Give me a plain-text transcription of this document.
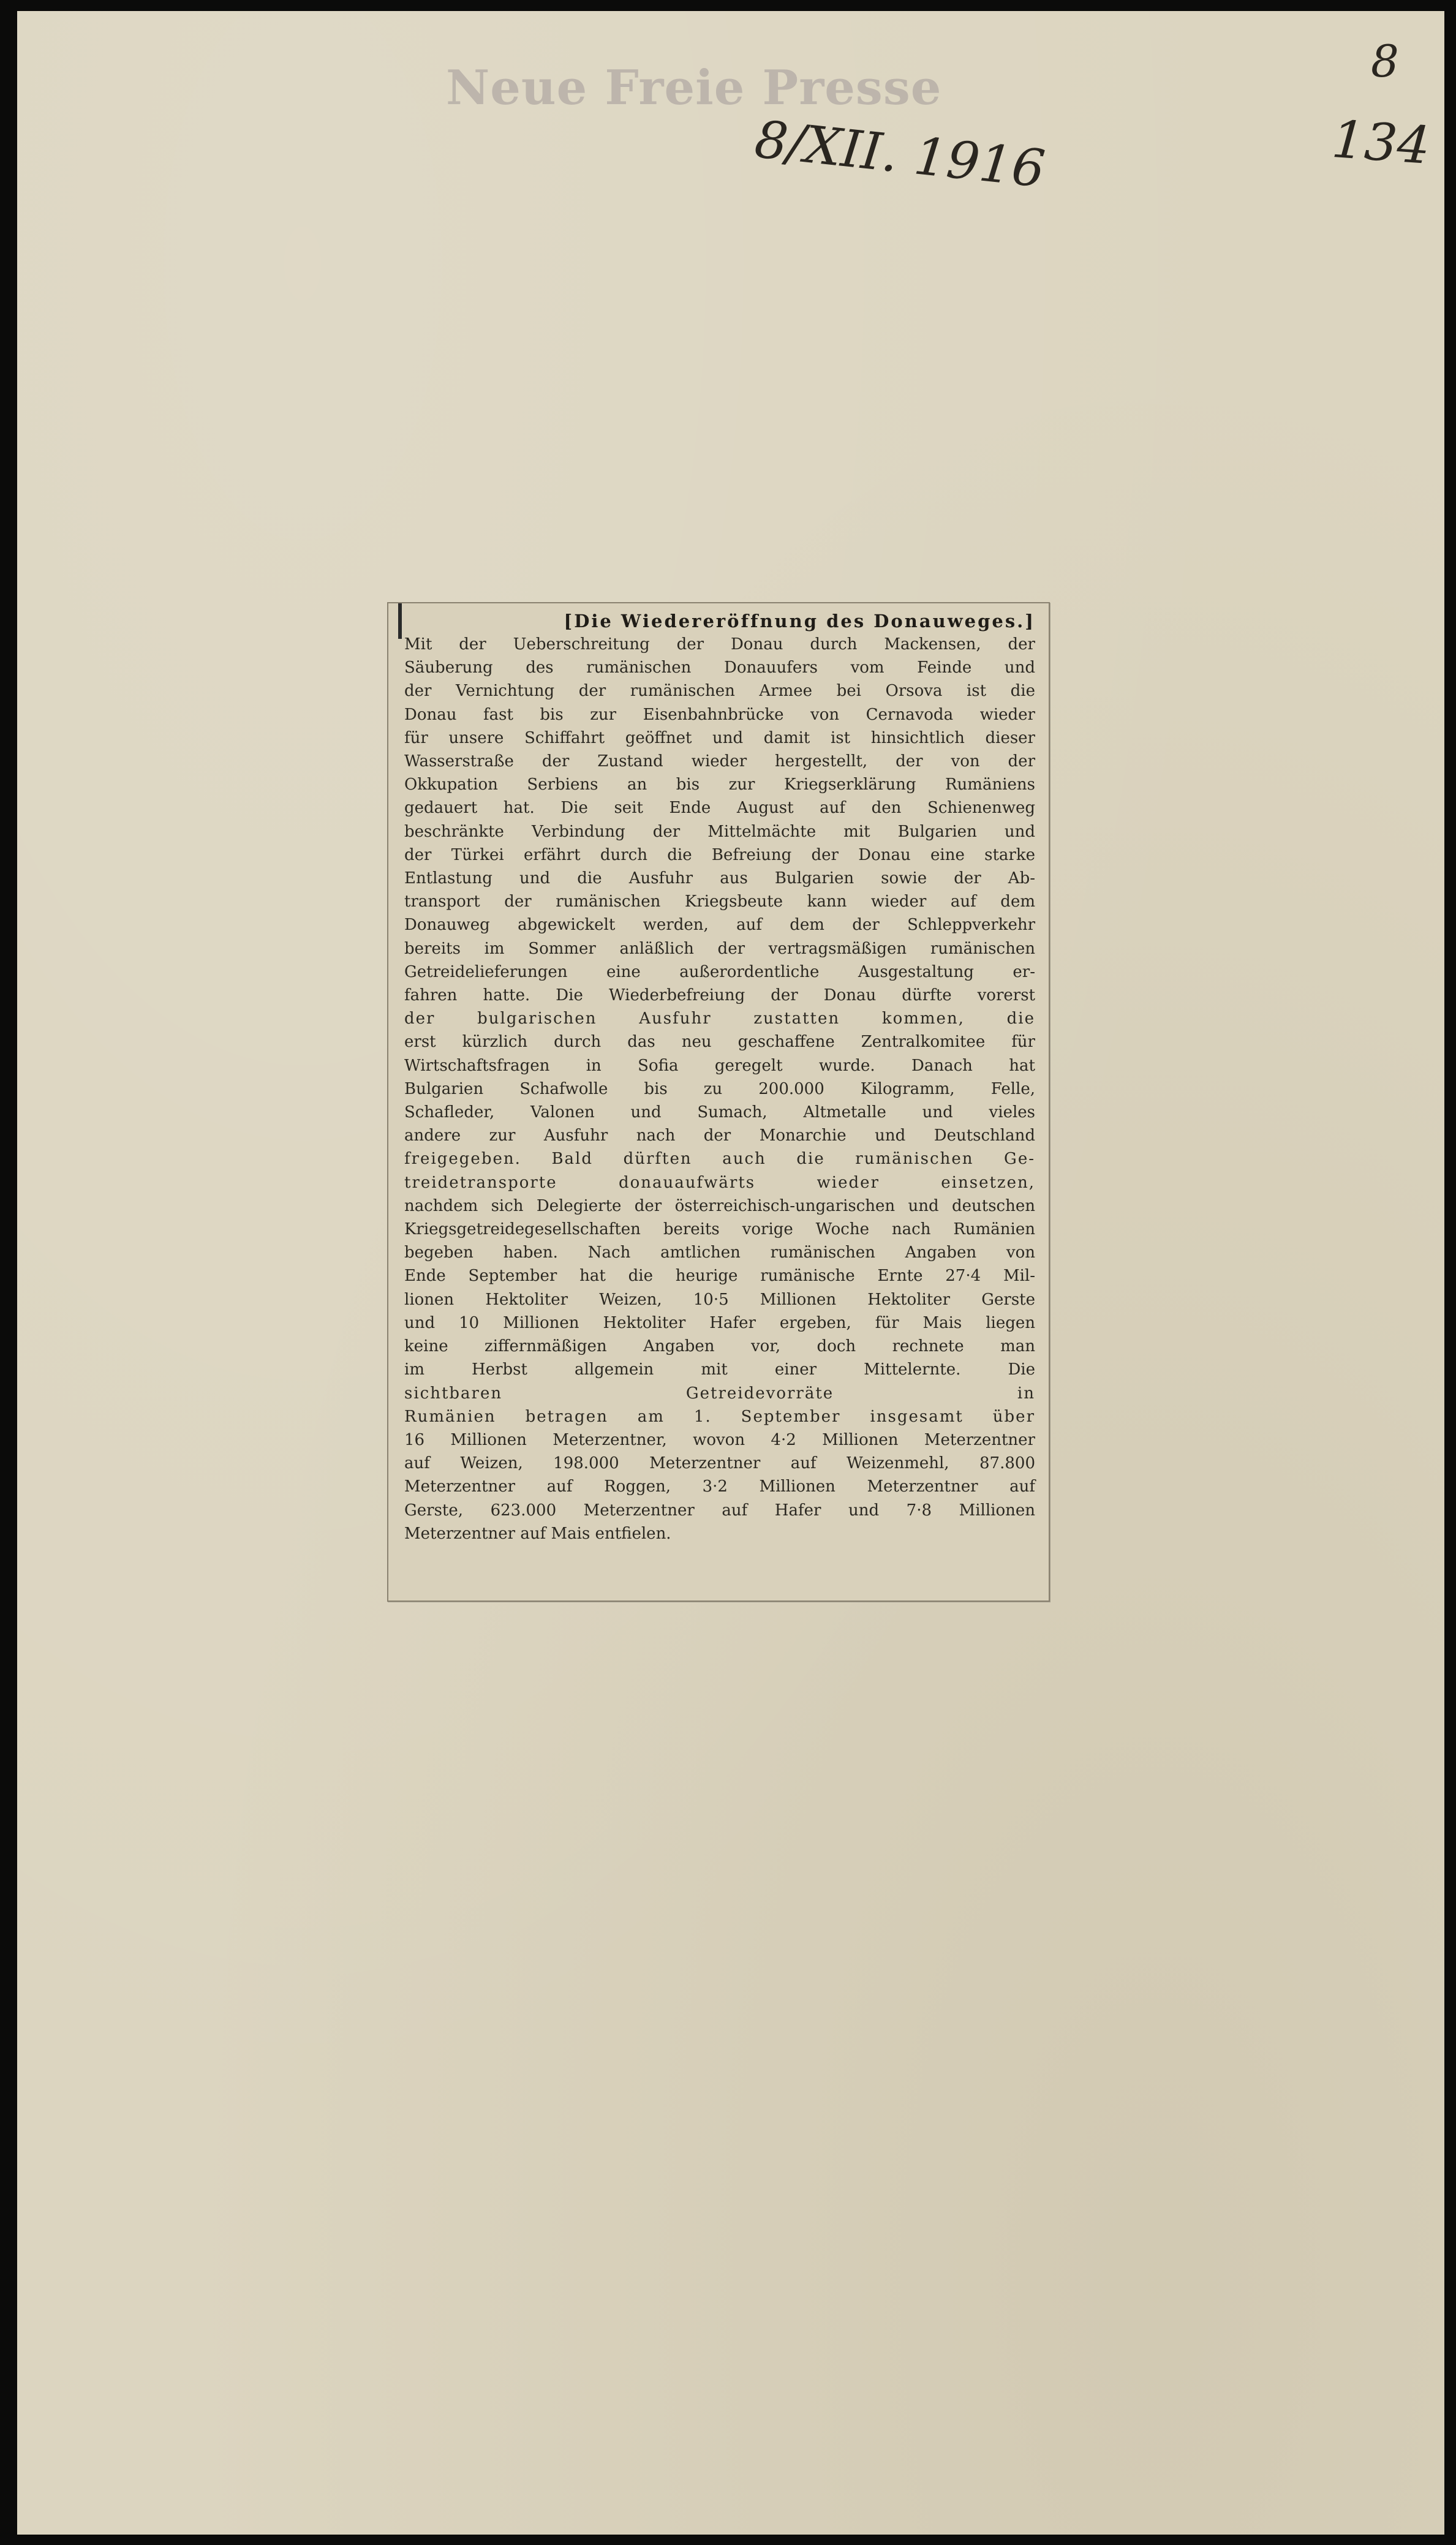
Neue Freie Presse
8/XII. 1916
8
134

[Die Wiedereröffnung des Donauweges.]

Mit der Ueberschreitung der Donau durch Mackensen, der

Säuberung des rumänischen Donauufers vom Feinde und

der Vernichtung der rumänischen Armee bei Orsova ist die

Donau fast bis zur Eisenbahnbrücke von Cernavoda wieder

für unsere Schiffahrt geöffnet und damit ist hinsichtlich dieser

Wasserstraße der Zustand wieder hergestellt, der von der

Okkupation Serbiens an bis zur Kriegserklärung Rumäniens

gedauert hat. Die seit Ende August auf den Schienenweg

beschränkte Verbindung der Mittelmächte mit Bulgarien und

der Türkei erfährt durch die Befreiung der Donau eine starke

Entlastung und die Ausfuhr aus Bulgarien sowie der Ab-

transport der rumänischen Kriegsbeute kann wieder auf dem

Donauweg abgewickelt werden, auf dem der Schleppverkehr

bereits im Sommer anläßlich der vertragsmäßigen rumänischen

Getreidelieferungen eine außerordentliche Ausgestaltung er-

fahren hatte. Die Wiederbefreiung der Donau dürfte vorerst

der bulgarischen Ausfuhr zustatten kommen, die

erst kürzlich durch das neu geschaffene Zentralkomitee für

Wirtschaftsfragen in Sofia geregelt wurde. Danach hat

Bulgarien Schafwolle bis zu 200.000 Kilogramm, Felle,

Schafleder, Valonen und Sumach, Altmetalle und vieles

andere zur Ausfuhr nach der Monarchie und Deutschland

freigegeben. Bald dürften auch die rumänischen Ge-

treidetransporte donauaufwärts wieder einsetzen,

nachdem sich Delegierte der österreichisch-ungarischen und deutschen

Kriegsgetreidegesellschaften bereits vorige Woche nach Rumänien

begeben haben. Nach amtlichen rumänischen Angaben von

Ende September hat die heurige rumänische Ernte 27·4 Mil-

lionen Hektoliter Weizen, 10·5 Millionen Hektoliter Gerste

und 10 Millionen Hektoliter Hafer ergeben, für Mais liegen

keine ziffernmäßigen Angaben vor, doch rechnete man

im Herbst allgemein mit einer Mittelernte. Die

sichtbaren Getreidevorräte in

Rumänien betragen am 1. September insgesamt über

16 Millionen Meterzentner, wovon 4·2 Millionen Meterzentner

auf Weizen, 198.000 Meterzentner auf Weizenmehl, 87.800

Meterzentner auf Roggen, 3·2 Millionen Meterzentner auf

Gerste, 623.000 Meterzentner auf Hafer und 7·8 Millionen

Meterzentner auf Mais entfielen.
